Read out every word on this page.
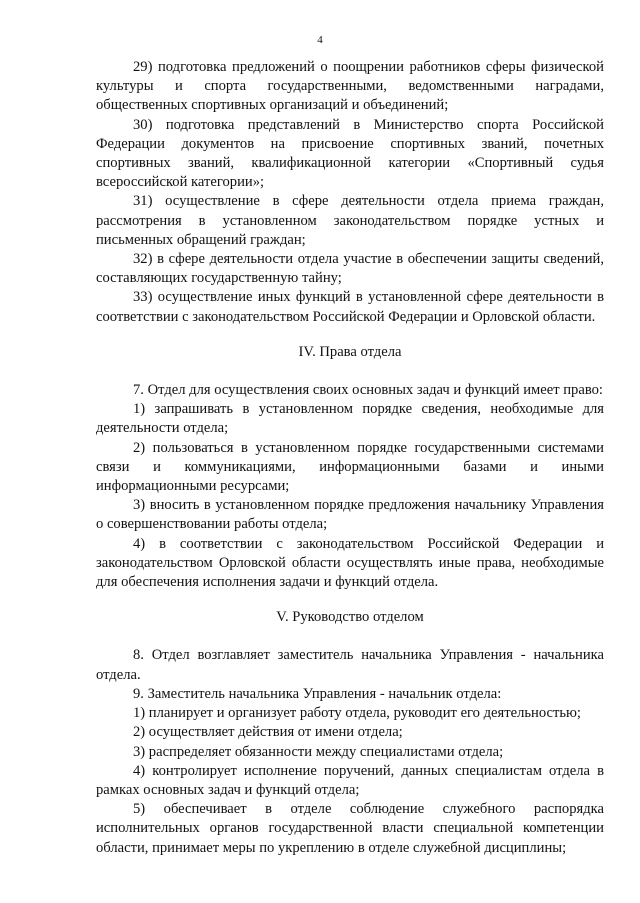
4

29) подготовка предложений о поощрении работников сферы физической культуры и спорта государственными, ведомственными наградами, общественных спортивных организаций и объединений;

30) подготовка представлений в Министерство спорта Российской Федерации документов на присвоение спортивных званий, почетных спортивных званий, квалификационной категории «Спортивный судья всероссийской категории»;

31) осуществление в сфере деятельности отдела приема граждан, рассмотрения в установленном законодательством порядке устных и письменных обращений граждан;

32) в сфере деятельности отдела участие в обеспечении защиты сведений, составляющих государственную тайну;

33) осуществление иных функций в установленной сфере деятельности в соответствии с законодательством Российской Федерации и Орловской области.

IV. Права отдела

7. Отдел для осуществления своих основных задач и функций имеет право:

1) запрашивать в установленном порядке сведения, необходимые для деятельности отдела;

2) пользоваться в установленном порядке государственными системами связи и коммуникациями, информационными базами и иными информационными ресурсами;

3) вносить в установленном порядке предложения начальнику Управления о совершенствовании работы отдела;

4) в соответствии с законодательством Российской Федерации и законодательством Орловской области осуществлять иные права, необходимые для обеспечения исполнения задачи и функций отдела.

V. Руководство отделом

8. Отдел возглавляет заместитель начальника Управления - начальника отдела.

9. Заместитель начальника Управления - начальник отдела:

1) планирует и организует работу отдела, руководит его деятельностью;

2) осуществляет действия от имени отдела;

3) распределяет обязанности между специалистами отдела;

4) контролирует исполнение поручений, данных специалистам отдела в рамках основных задач и функций отдела;

5) обеспечивает в отделе соблюдение служебного распорядка исполнительных органов государственной власти специальной компетенции области, принимает меры по укреплению в отделе служебной дисциплины;
